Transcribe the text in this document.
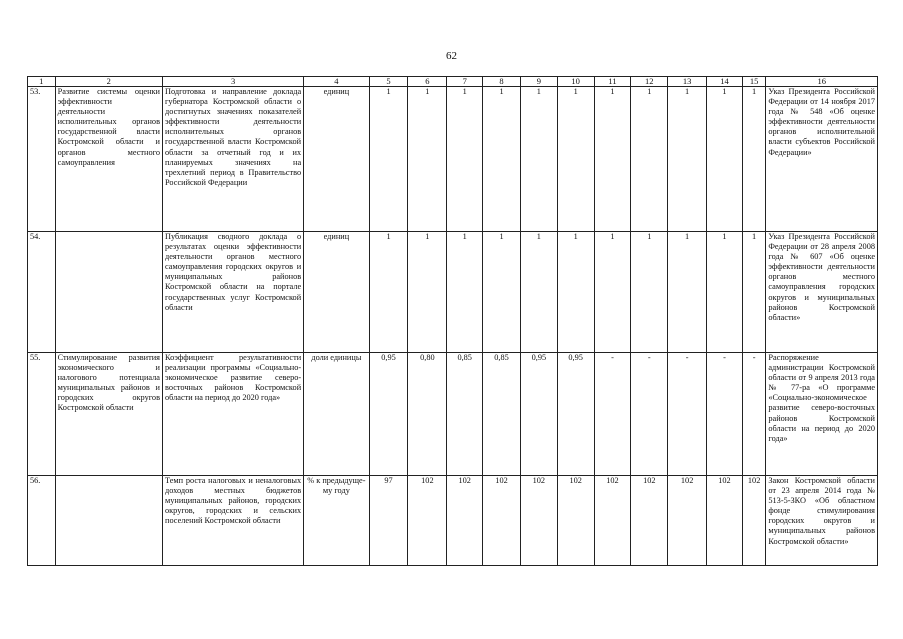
62
1	2	3	4	5	6	7	8	9	10	11	12	13	14	15	16
53.	Развитие системы оценки эффективности деятельности исполнительных органов государственной власти Костромской области и органов местного самоуправления	Подготовка и направление доклада губернатора Костромской области о достигнутых значениях показателей эффективности деятельности исполнительных органов государственной власти Костромской области за отчетный год и их планируемых значениях на трехлетний период в Правительство Российской Федерации	единиц	1	1	1	1	1	1	1	1	1	1	1	Указ Президента Российской Федерации от 14 ноября 2017 года № 548 «Об оценке эффективности деятельности органов исполнительной власти субъектов Российской Федерации»
54.		Публикация сводного доклада о результатах оценки эффективности деятельности органов местного самоуправления городских округов и муниципальных районов Костромской области на портале государственных услуг Костромской области	единиц	1	1	1	1	1	1	1	1	1	1	1	Указ Президента Российской Федерации от 28 апреля 2008 года № 607 «Об оценке эффективности деятельности органов местного самоуправления городских округов и муниципальных районов Костромской области»
55.	Стимулирование развития экономического и налогового потенциала муниципальных районов и городских округов Костромской области	Коэффициент результативности реализации программы «Социально-экономическое развитие северо-восточных районов Костромской области на период до 2020 года»	доли единицы	0,95	0,80	0,85	0,85	0,95	0,95	-	-	-	-	-	Распоряжение администрации Костромской области от 9 апреля 2013 года № 77-ра «О программе «Социально-экономическое развитие северо-восточных районов Костромской области на период до 2020 года»
56.		Темп роста налоговых и неналоговых доходов местных бюджетов муниципальных районов, городских округов, городских и сельских поселений Костромской области	% к предыдуще-му году	97	102	102	102	102	102	102	102	102	102	102	Закон Костромской области от 23 апреля 2014 года № 513-5-ЗКО «Об областном фонде стимулирования городских округов и муниципальных районов Костромской области»
